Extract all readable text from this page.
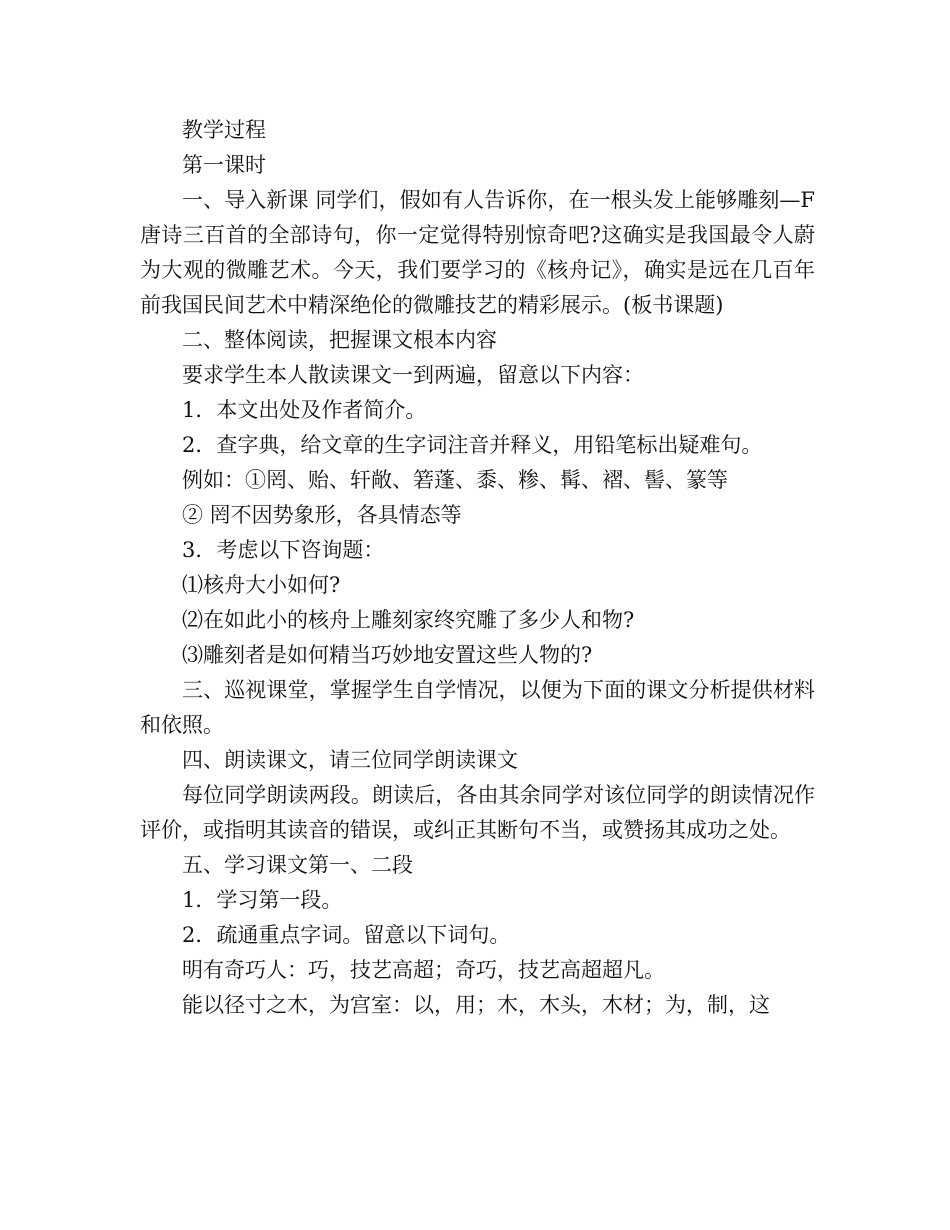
教学过程

第一课时

一、导入新课 同学们，假如有人告诉你，在一根头发上能够雕刻—F唐诗三百首的全部诗句，你一定觉得特别惊奇吧?这确实是我国最令人蔚为大观的微雕艺术。今天，我们要学习的《核舟记》，确实是远在几百年前我国民间艺术中精深绝伦的微雕技艺的精彩展示。(板书课题)

二、整体阅读，把握课文根本内容

要求学生本人散读课文一到两遍，留意以下内容：

1．本文出处及作者简介。

2．查字典，给文章的生字词注音并释义，用铅笔标出疑难句。

例如：①罔、贻、轩敞、箬蓬、黍、糁、髯、褶、髻、篆等

② 罔不因势象形，各具情态等

3．考虑以下咨询题：

⑴核舟大小如何?

⑵在如此小的核舟上雕刻家终究雕了多少人和物?

⑶雕刻者是如何精当巧妙地安置这些人物的?

三、巡视课堂，掌握学生自学情况，以便为下面的课文分析提供材料和依照。

四、朗读课文，请三位同学朗读课文

每位同学朗读两段。朗读后，各由其余同学对该位同学的朗读情况作评价，或指明其读音的错误，或纠正其断句不当，或赞扬其成功之处。

五、学习课文第一、二段

1．学习第一段。

2．疏通重点字词。留意以下词句。

明有奇巧人：巧，技艺高超；奇巧，技艺高超超凡。

能以径寸之木，为宫室：以，用；木，木头，木材；为，制，这
